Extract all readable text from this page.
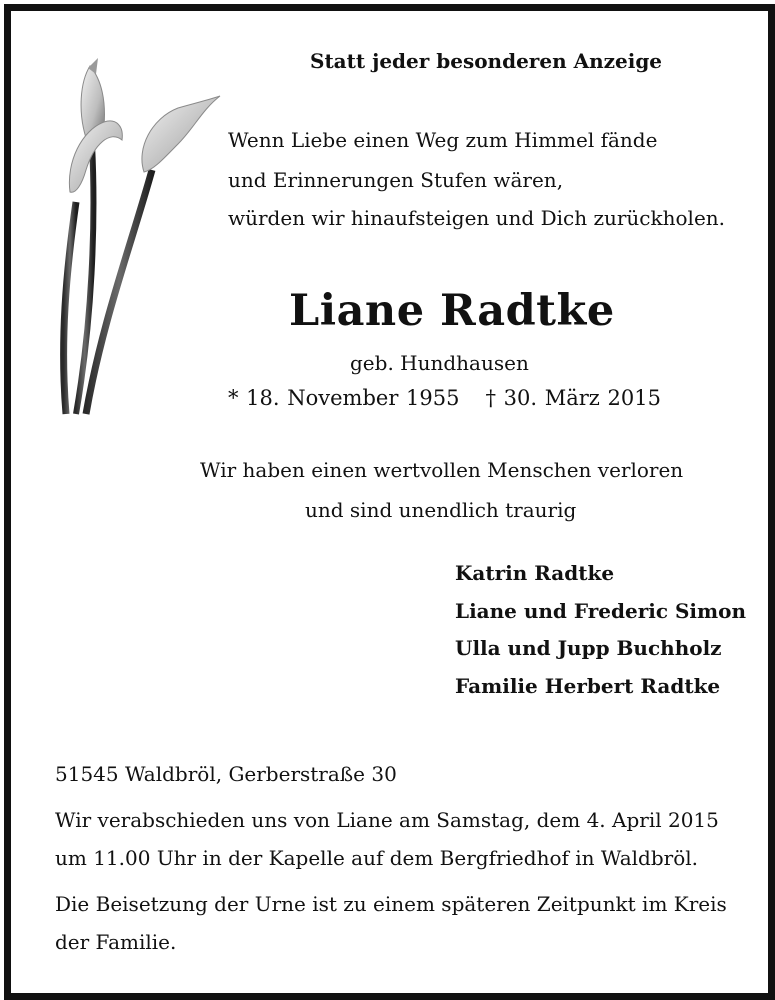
Statt jeder besonderen Anzeige
Wenn Liebe einen Weg zum Himmel fände
und Erinnerungen Stufen wären,
würden wir hinaufsteigen und Dich zurückholen.
Liane Radtke
geb. Hundhausen
* 18. November 1955 † 30. März 2015
Wir haben einen wertvollen Menschen verloren
und sind unendlich traurig
Katrin Radtke
Liane und Frederic Simon
Ulla und Jupp Buchholz
Familie Herbert Radtke
51545 Waldbröl, Gerberstraße 30
Wir verabschieden uns von Liane am Samstag, dem 4. April 2015
um 11.00 Uhr in der Kapelle auf dem Bergfriedhof in Waldbröl.
Die Beisetzung der Urne ist zu einem späteren Zeitpunkt im Kreis
der Familie.
